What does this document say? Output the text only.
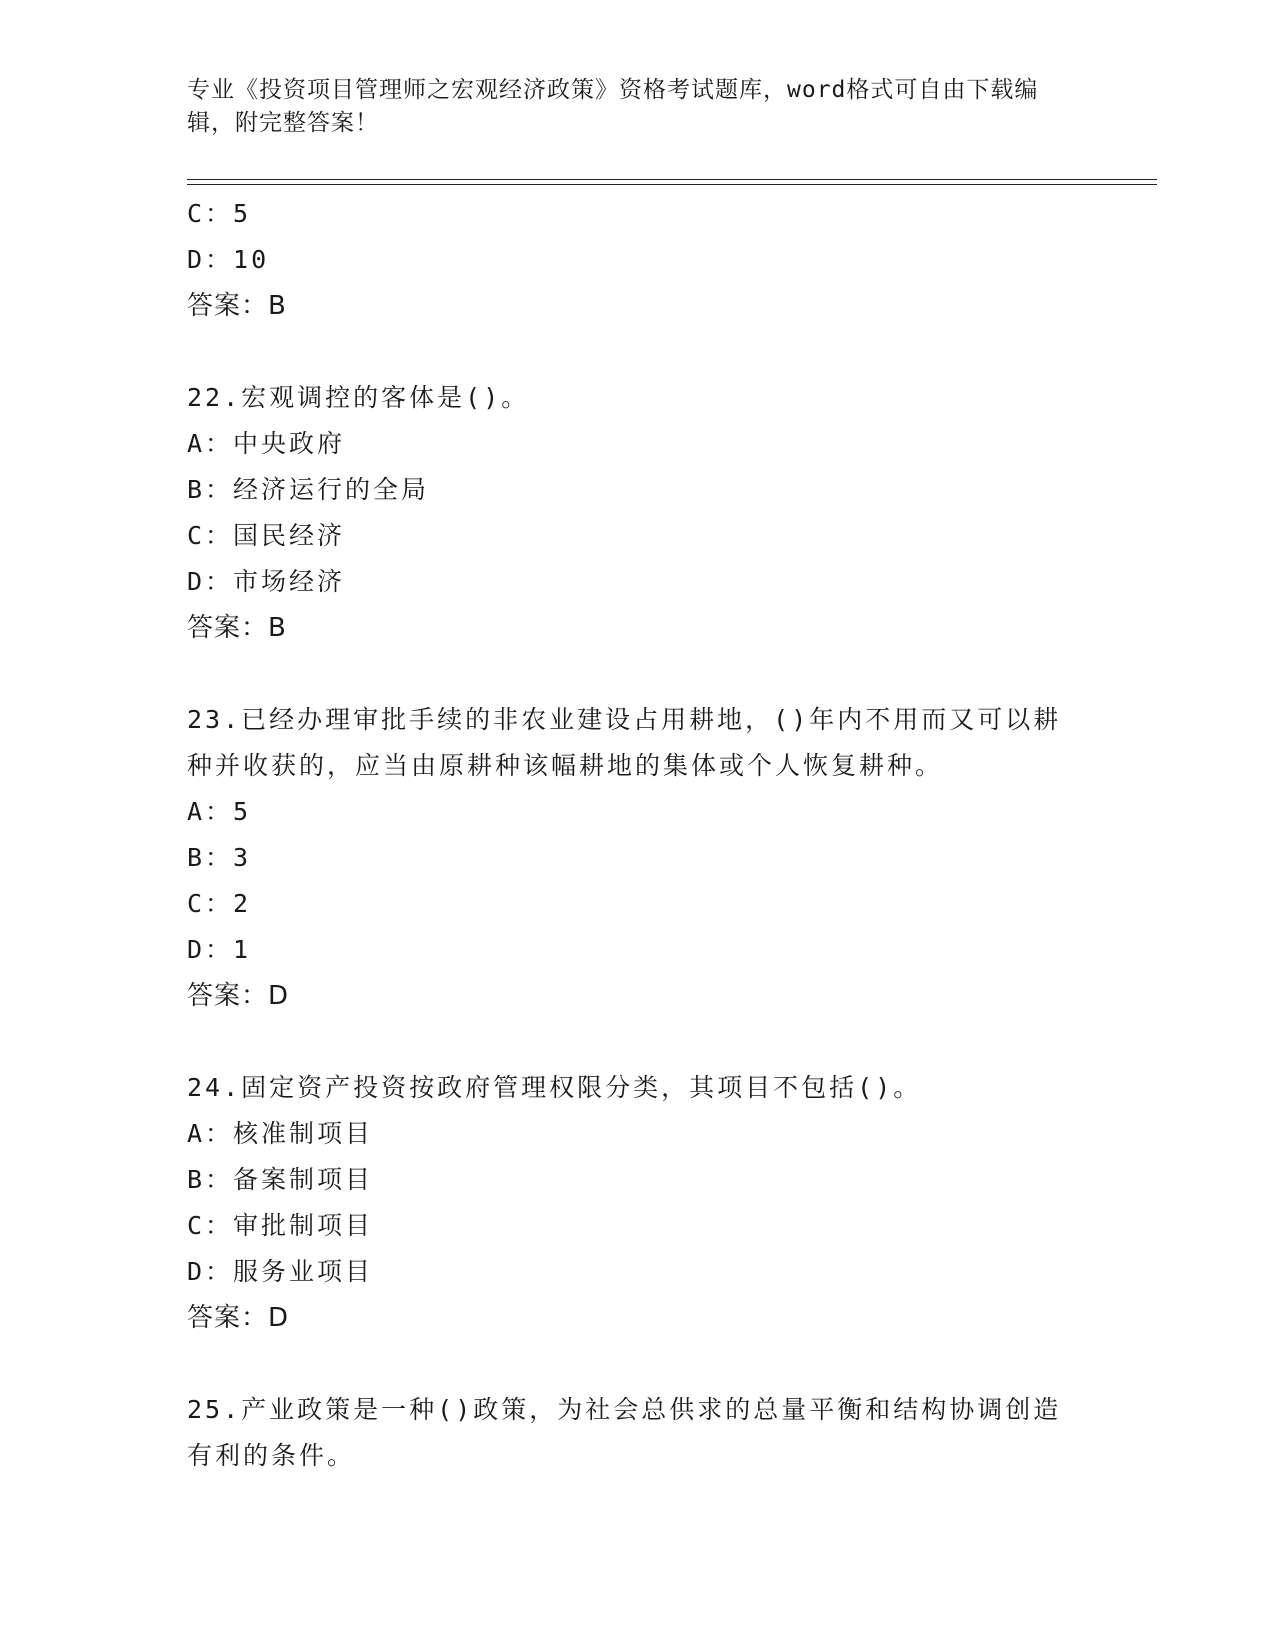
专业《投资项目管理师之宏观经济政策》资格考试题库，word格式可自由下载编辑，附完整答案！
C：5
D：10
答案：B
22.宏观调控的客体是()。
A：中央政府
B：经济运行的全局
C：国民经济
D：市场经济
答案：B
23.已经办理审批手续的非农业建设占用耕地，()年内不用而又可以耕种并收获的，应当由原耕种该幅耕地的集体或个人恢复耕种。
A：5
B：3
C：2
D：1
答案：D
24.固定资产投资按政府管理权限分类，其项目不包括()。
A：核准制项目
B：备案制项目
C：审批制项目
D：服务业项目
答案：D
25.产业政策是一种()政策，为社会总供求的总量平衡和结构协调创造有利的条件。
